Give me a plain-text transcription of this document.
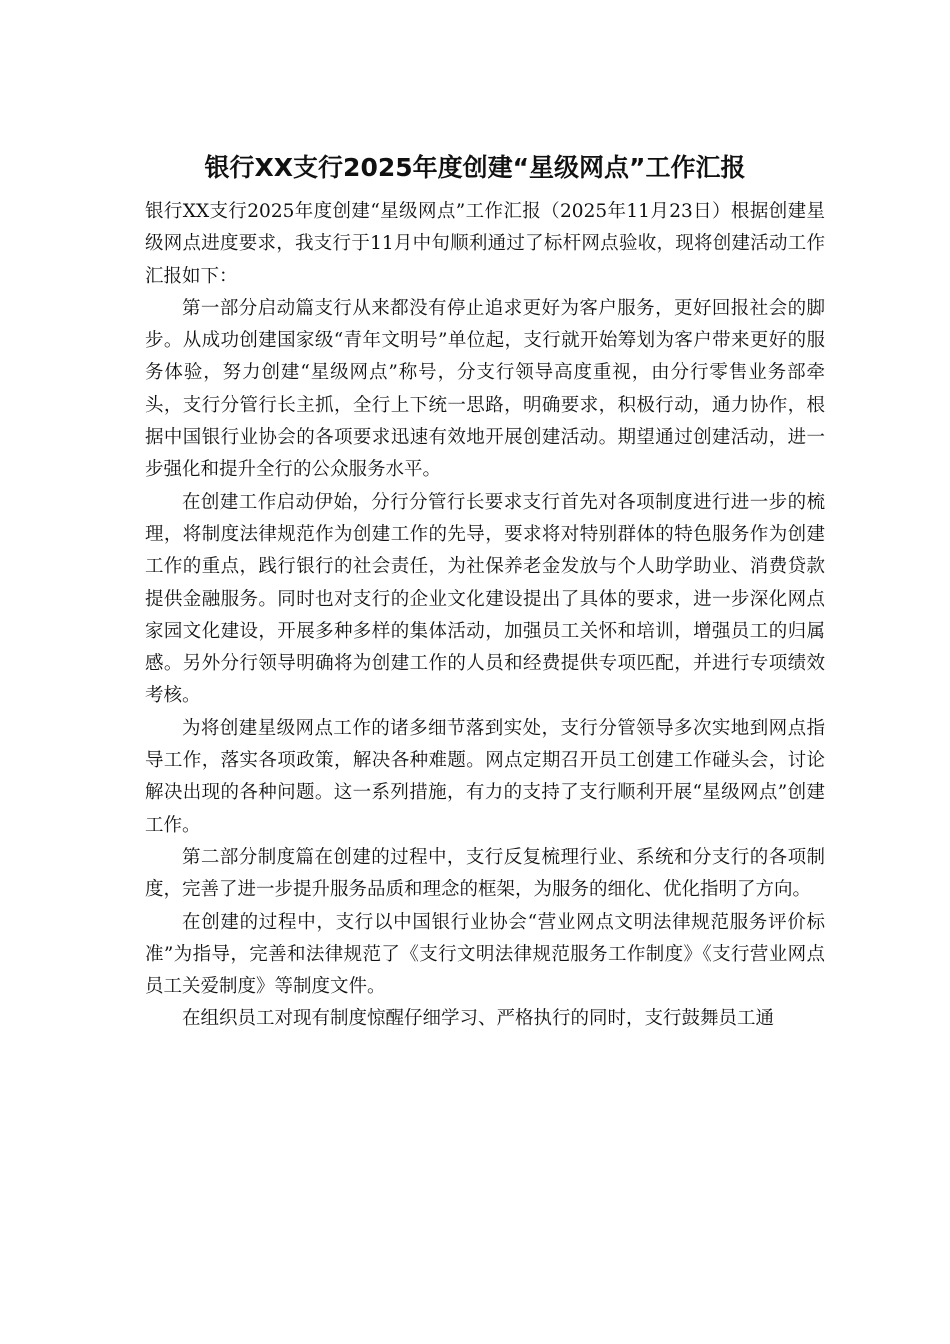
银行XX支行2025年度创建“星级网点”工作汇报

银行XX支行2025年度创建“星级网点”工作汇报（2025年11月23日）根据创建星级网点进度要求，我支行于11月中旬顺利通过了标杆网点验收，现将创建活动工作汇报如下：

第一部分启动篇支行从来都没有停止追求更好为客户服务，更好回报社会的脚步。从成功创建国家级“青年文明号”单位起，支行就开始筹划为客户带来更好的服务体验，努力创建“星级网点”称号，分支行领导高度重视，由分行零售业务部牵头，支行分管行长主抓，全行上下统一思路，明确要求，积极行动，通力协作，根据中国银行业协会的各项要求迅速有效地开展创建活动。期望通过创建活动，进一步强化和提升全行的公众服务水平。

在创建工作启动伊始，分行分管行长要求支行首先对各项制度进行进一步的梳理，将制度法律规范作为创建工作的先导，要求将对特别群体的特色服务作为创建工作的重点，践行银行的社会责任，为社保养老金发放与个人助学助业、消费贷款提供金融服务。同时也对支行的企业文化建设提出了具体的要求，进一步深化网点家园文化建设，开展多种多样的集体活动，加强员工关怀和培训，增强员工的归属感。另外分行领导明确将为创建工作的人员和经费提供专项匹配，并进行专项绩效考核。

为将创建星级网点工作的诸多细节落到实处，支行分管领导多次实地到网点指导工作，落实各项政策，解决各种难题。网点定期召开员工创建工作碰头会，讨论解决出现的各种问题。这一系列措施，有力的支持了支行顺利开展“星级网点”创建工作。

第二部分制度篇在创建的过程中，支行反复梳理行业、系统和分支行的各项制度，完善了进一步提升服务品质和理念的框架，为服务的细化、优化指明了方向。

在创建的过程中，支行以中国银行业协会“营业网点文明法律规范服务评价标准”为指导，完善和法律规范了《支行文明法律规范服务工作制度》《支行营业网点员工关爱制度》等制度文件。

在组织员工对现有制度惊醒仔细学习、严格执行的同时，支行鼓舞员工通
